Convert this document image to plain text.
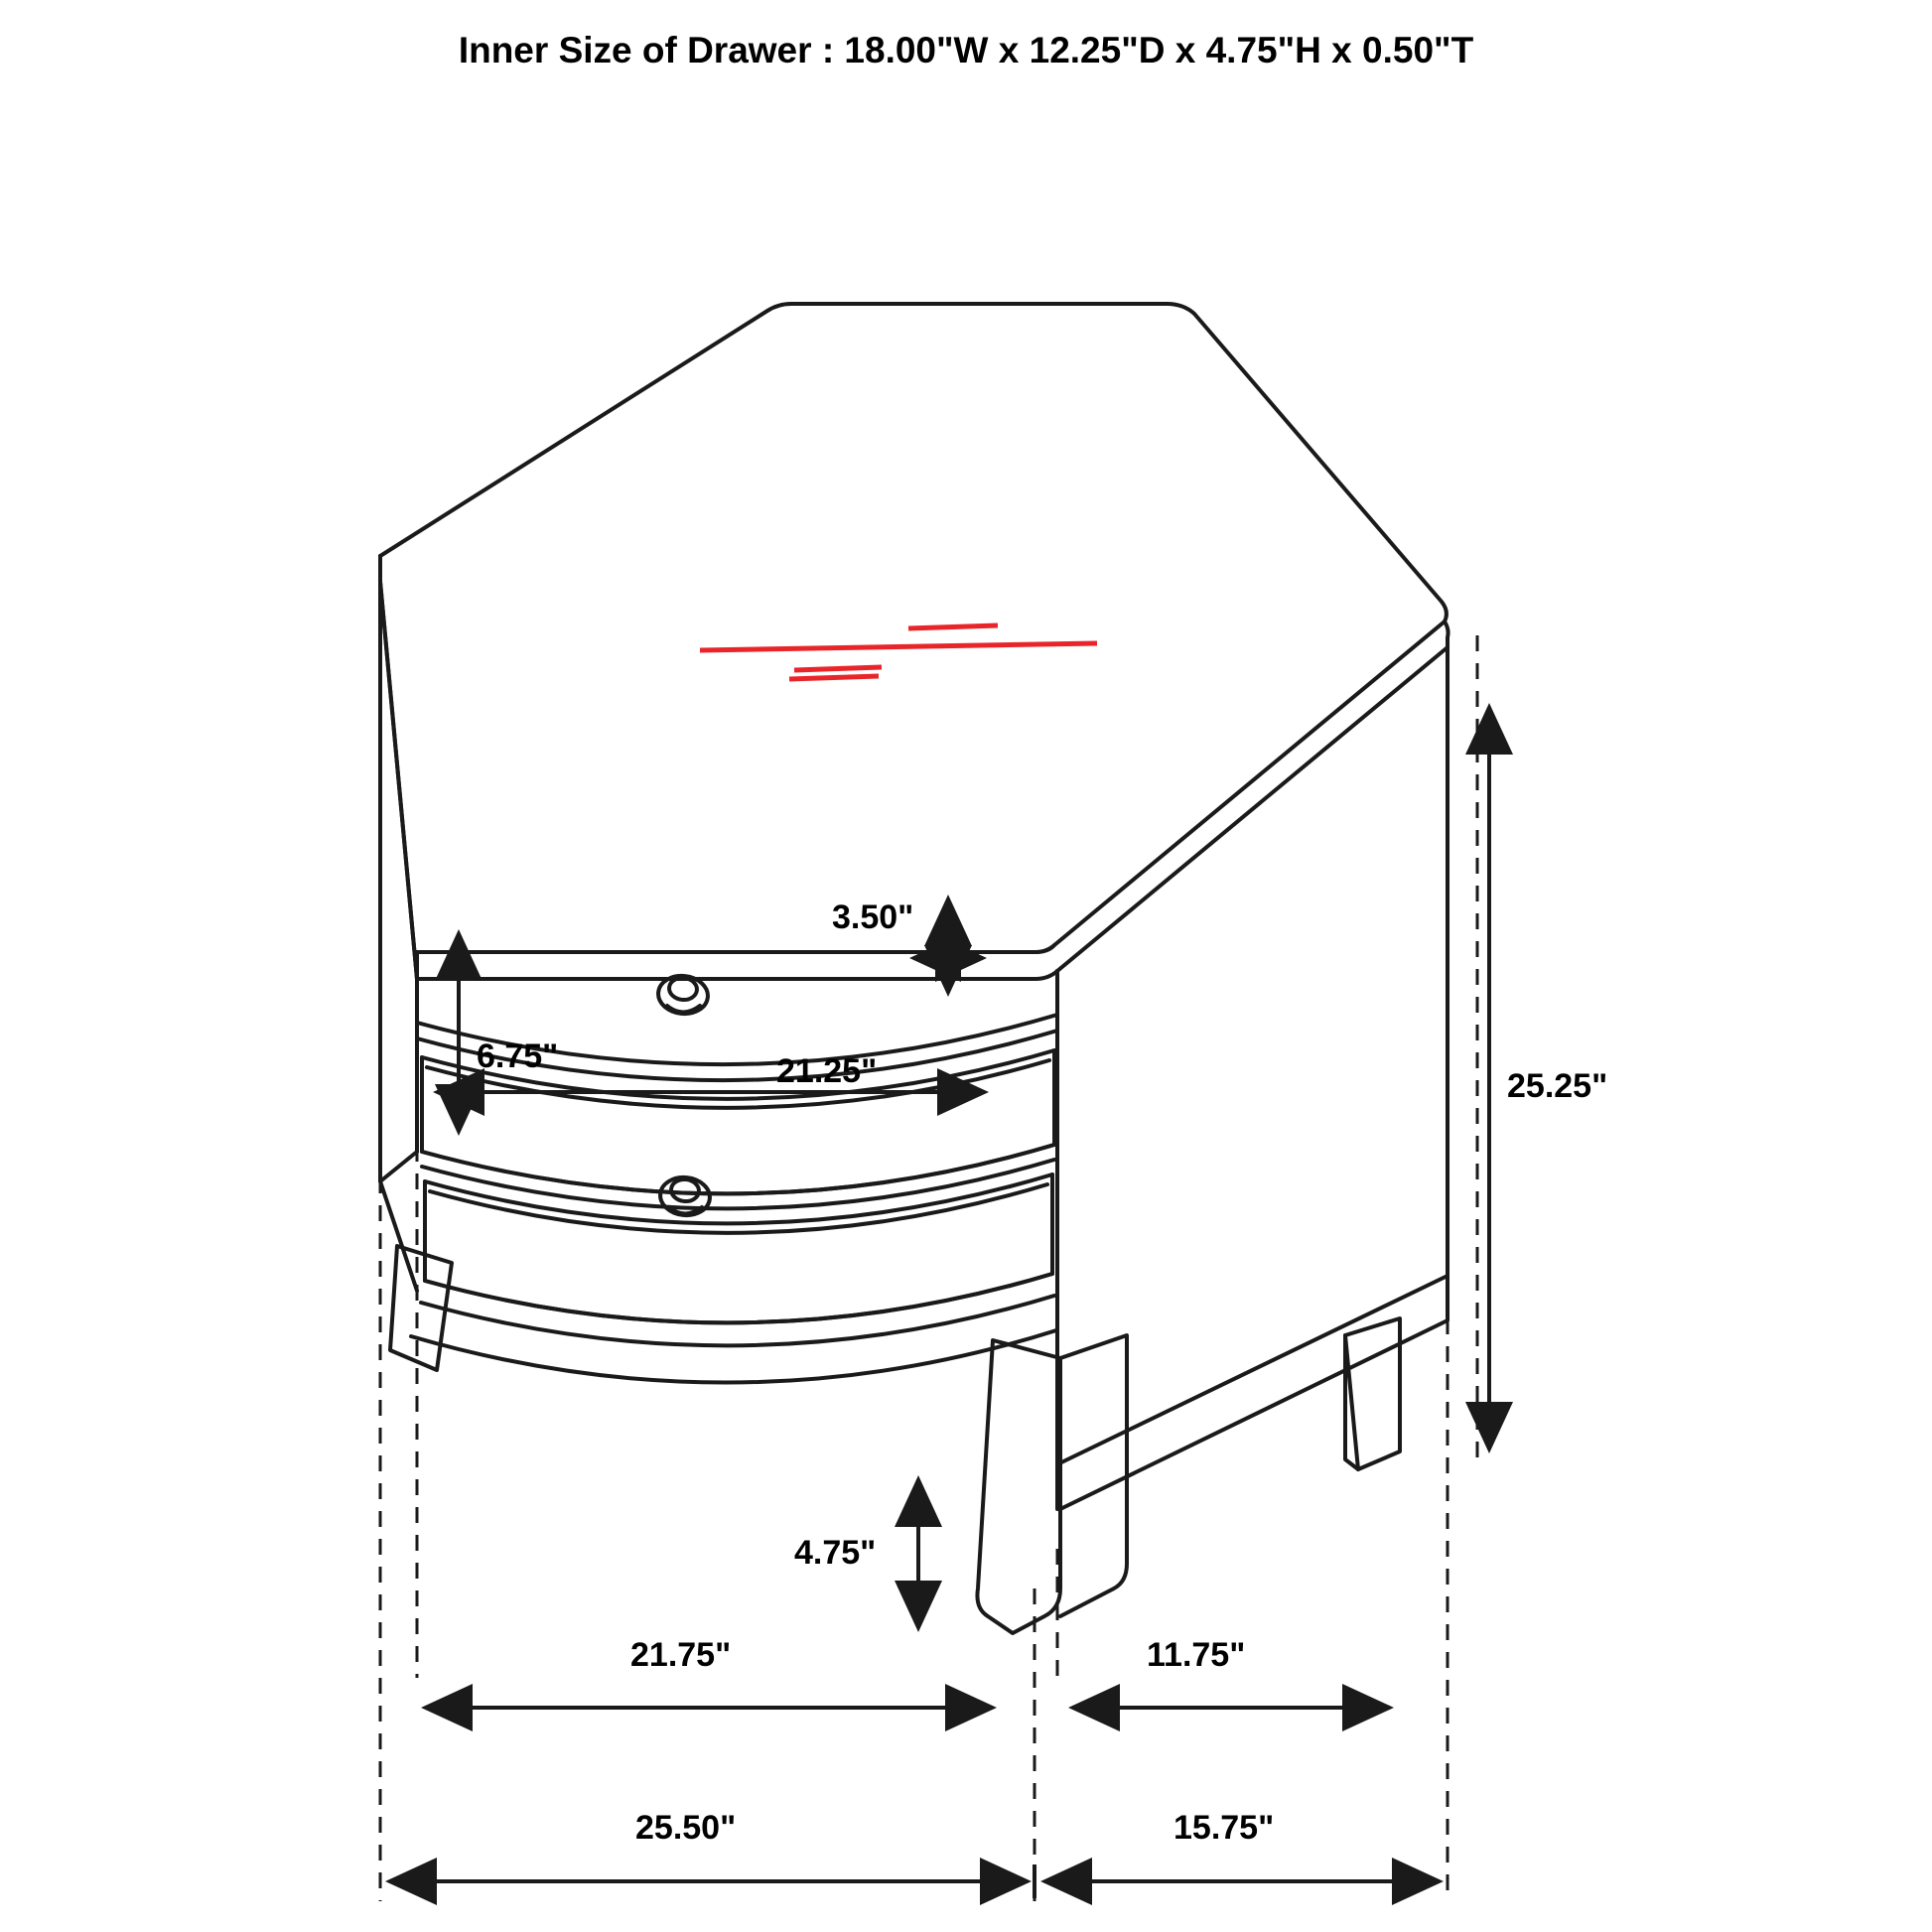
Inner Size of Drawer : 18.00"W x 12.25"D x 4.75"H x 0.50"T
3.50"
6.75"	21.25"	25.25"
4.75"
21.75"	11.75"
25.50"	15.75"
